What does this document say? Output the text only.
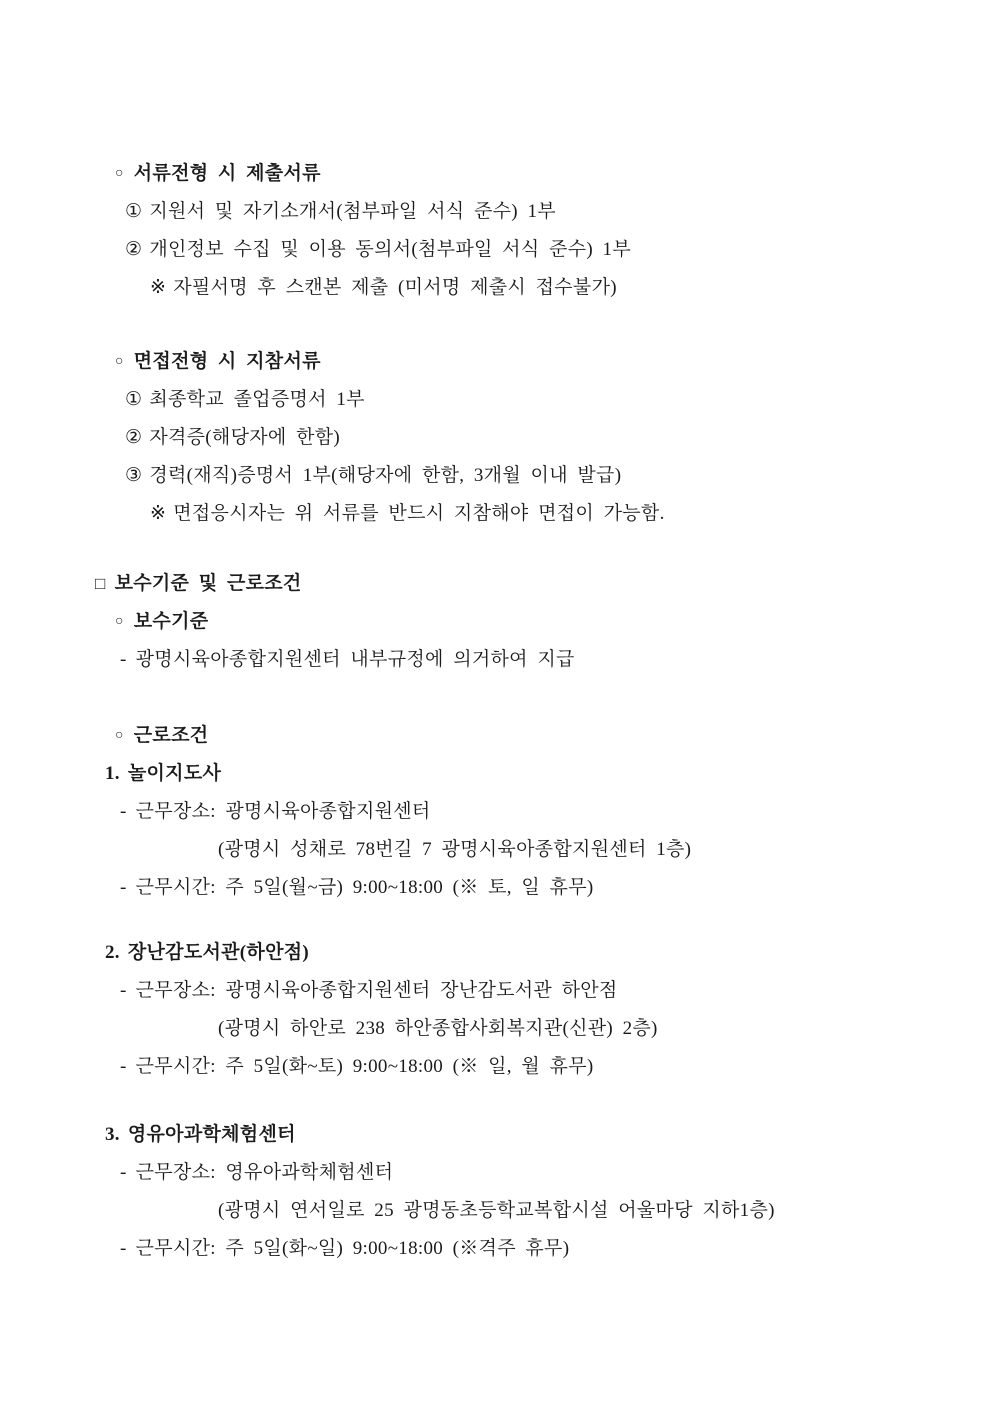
○ 서류전형 시 제출서류
① 지원서 및 자기소개서(첨부파일 서식 준수) 1부
② 개인정보 수집 및 이용 동의서(첨부파일 서식 준수) 1부
※ 자필서명 후 스캔본 제출 (미서명 제출시 접수불가)
○ 면접전형 시 지참서류
① 최종학교 졸업증명서 1부
② 자격증(해당자에 한함)
③ 경력(재직)증명서 1부(해당자에 한함, 3개월 이내 발급)
※ 면접응시자는 위 서류를 반드시 지참해야 면접이 가능함.
□ 보수기준 및 근로조건
○ 보수기준
- 광명시육아종합지원센터 내부규정에 의거하여 지급
○ 근로조건
1. 놀이지도사
- 근무장소: 광명시육아종합지원센터
(광명시 성채로 78번길 7 광명시육아종합지원센터 1층)
- 근무시간: 주 5일(월~금) 9:00~18:00 (※ 토, 일 휴무)
2. 장난감도서관(하안점)
- 근무장소: 광명시육아종합지원센터 장난감도서관 하안점
(광명시 하안로 238 하안종합사회복지관(신관) 2층)
- 근무시간: 주 5일(화~토) 9:00~18:00 (※ 일, 월 휴무)
3. 영유아과학체험센터
- 근무장소: 영유아과학체험센터
(광명시 연서일로 25 광명동초등학교복합시설 어울마당 지하1층)
- 근무시간: 주 5일(화~일) 9:00~18:00 (※격주 휴무)
